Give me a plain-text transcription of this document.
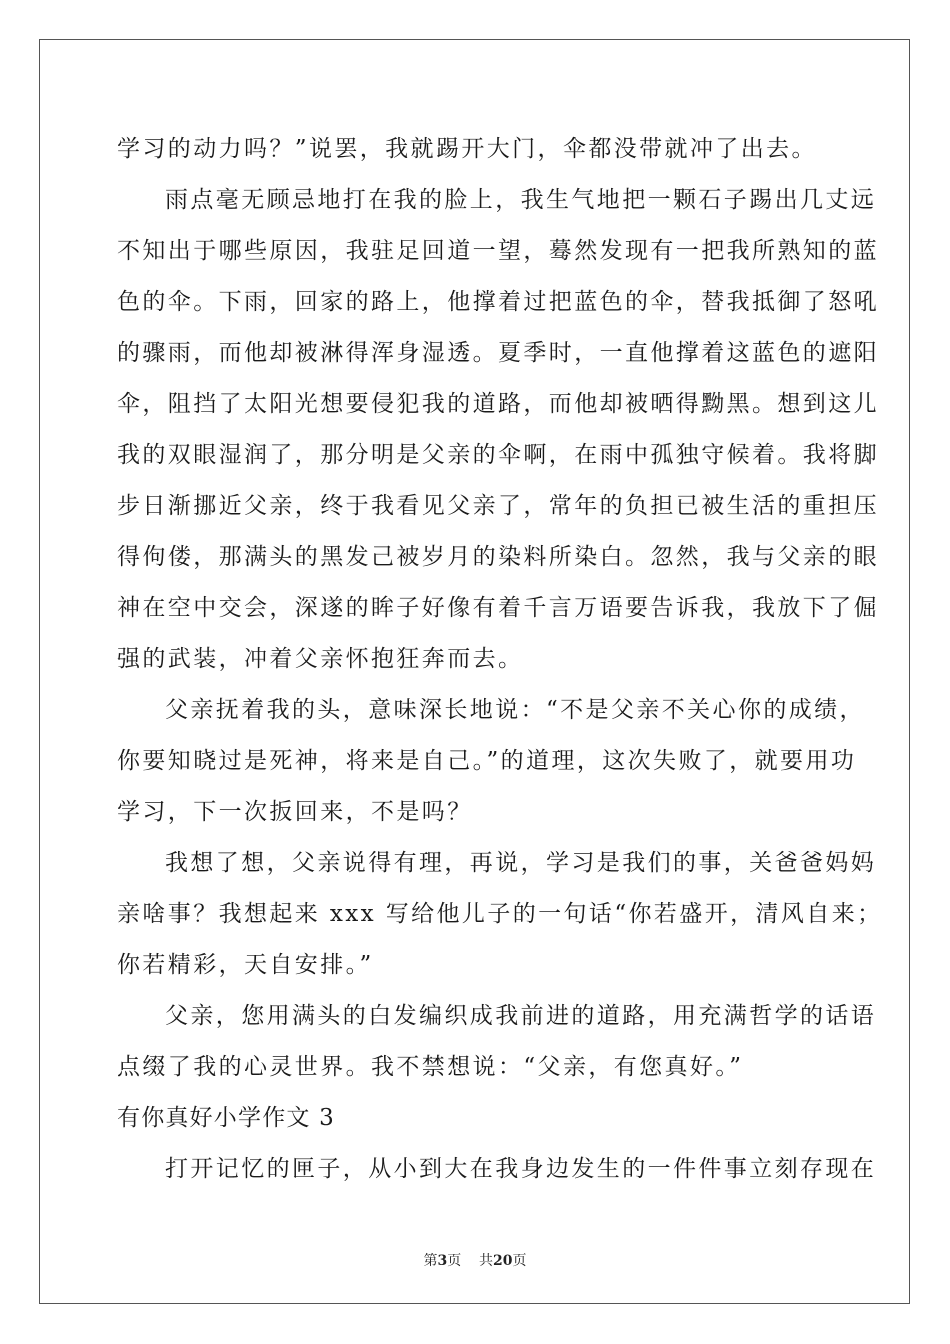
学习的动力吗？”说罢，我就踢开大门，伞都没带就冲了出去。
雨点毫无顾忌地打在我的脸上，我生气地把一颗石子踢出几丈远
不知出于哪些原因，我驻足回道一望，蓦然发现有一把我所熟知的蓝
色的伞。下雨，回家的路上，他撑着过把蓝色的伞，替我抵御了怒吼
的骤雨，而他却被淋得浑身湿透。夏季时，一直他撑着这蓝色的遮阳
伞，阻挡了太阳光想要侵犯我的道路，而他却被晒得黝黑。想到这儿
我的双眼湿润了，那分明是父亲的伞啊，在雨中孤独守候着。我将脚
步日渐挪近父亲，终于我看见父亲了，常年的负担已被生活的重担压
得佝偻，那满头的黑发己被岁月的染料所染白。忽然，我与父亲的眼
神在空中交会，深遂的眸子好像有着千言万语要告诉我，我放下了倔
强的武装，冲着父亲怀抱狂奔而去。
父亲抚着我的头，意味深长地说：“不是父亲不关心你的成绩，
你要知晓过是死神，将来是自己。”的道理，这次失败了，就要用功
学习，下一次扳回来，不是吗？
我想了想，父亲说得有理，再说，学习是我们的事，关爸爸妈妈
亲啥事？我想起来 xxx 写给他儿子的一句话“你若盛开，清风自来；
你若精彩，天自安排。”
父亲，您用满头的白发编织成我前进的道路，用充满哲学的话语
点缀了我的心灵世界。我不禁想说：“父亲，有您真好。”
有你真好小学作文 3
打开记忆的匣子，从小到大在我身边发生的一件件事立刻存现在
第3页 共20页
